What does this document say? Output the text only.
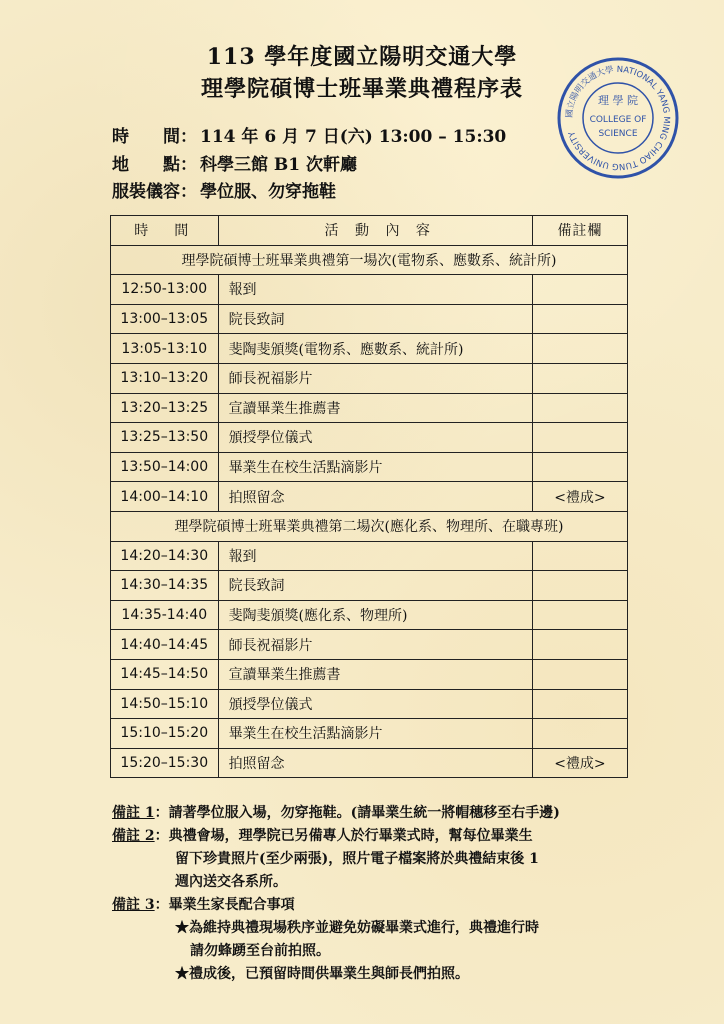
113 學年度國立陽明交通大學
理學院碩博士班畢業典禮程序表
國立陽明交通大學 NATIONAL YANG MING CHIAO TUNG UNIVERSITY
理 學 院
COLLEGE OF
SCIENCE
時　　間： 114 年 6 月 7 日(六) 13:00 – 15:30
地　　點： 科學三館 B1 次軒廳
服裝儀容： 學位服、勿穿拖鞋
時　間	活 動 內 容	備註欄
理學院碩博士班畢業典禮第一場次(電物系、應數系、統計所)		
12:50-13:00	報到	
13:00–13:05	院長致詞	
13:05-13:10	斐陶斐頒獎(電物系、應數系、統計所)	
13:10–13:20	師長祝福影片	
13:20–13:25	宣讀畢業生推薦書	
13:25–13:50	頒授學位儀式	
13:50–14:00	畢業生在校生活點滴影片	
14:00–14:10	拍照留念	<禮成>
理學院碩博士班畢業典禮第二場次(應化系、物理所、在職專班)		
14:20–14:30	報到	
14:30–14:35	院長致詞	
14:35-14:40	斐陶斐頒獎(應化系、物理所)	
14:40–14:45	師長祝福影片	
14:45–14:50	宣讀畢業生推薦書	
14:50–15:10	頒授學位儀式	
15:10–15:20	畢業生在校生活點滴影片	
15:20–15:30	拍照留念	<禮成>
備註 1：請著學位服入場，勿穿拖鞋。(請畢業生統一將帽穗移至右手邊)
備註 2：典禮會場，理學院已另備專人於行畢業式時，幫每位畢業生
留下珍貴照片(至少兩張)，照片電子檔案將於典禮結束後 1
週內送交各系所。
備註 3：畢業生家長配合事項
★為維持典禮現場秩序並避免妨礙畢業式進行，典禮進行時
請勿蜂踴至台前拍照。
★禮成後，已預留時間供畢業生與師長們拍照。
